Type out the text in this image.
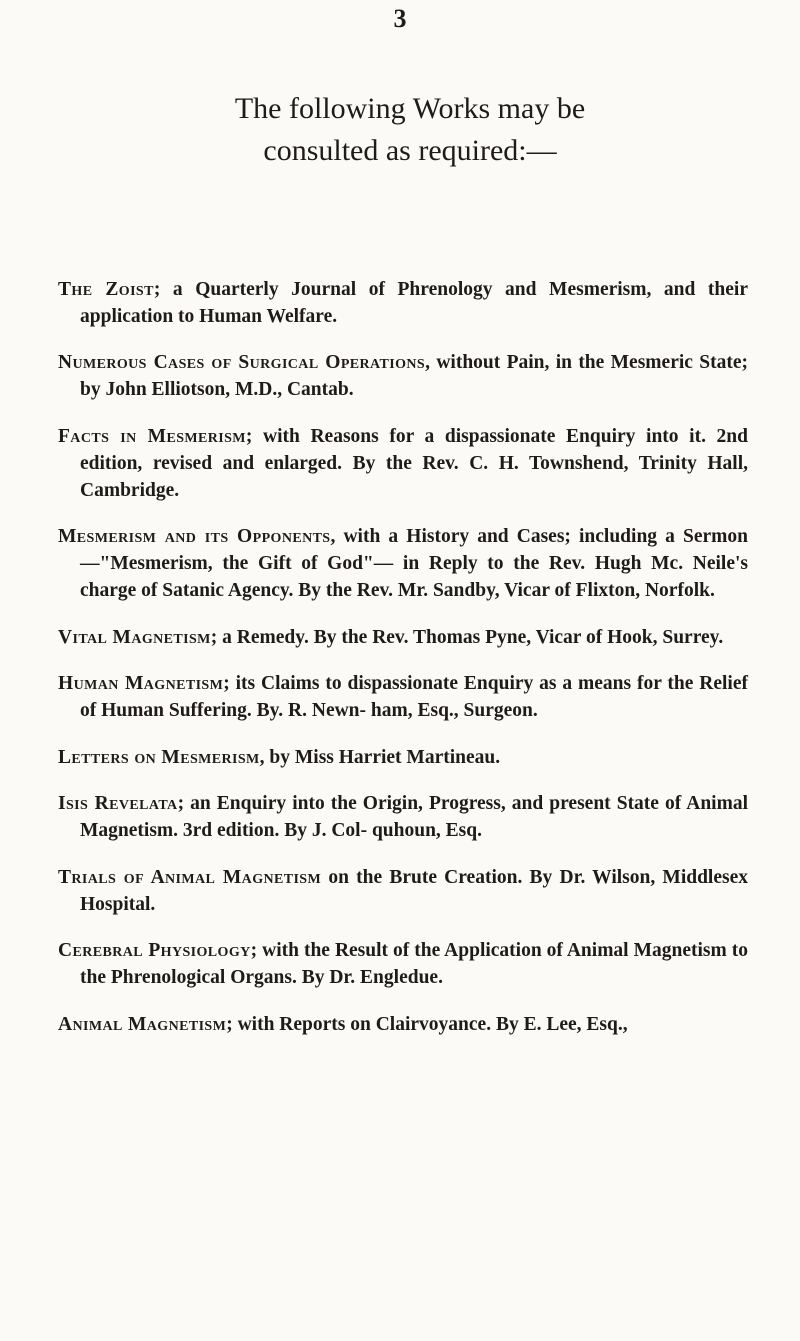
3
The following Works may be consulted as required:—

The Zoist; a Quarterly Journal of Phrenology and Mesmerism, and their application to Human Welfare.

Numerous Cases of Surgical Operations, without Pain, in the Mesmeric State; by John Elliotson, M.D., Cantab.

Facts in Mesmerism; with Reasons for a dispassionate Enquiry into it. 2nd edition, revised and enlarged. By the Rev. C. H. Townshend, Trinity Hall, Cambridge.

Mesmerism and its Opponents, with a History and Cases; including a Sermon—"Mesmerism, the Gift of God"— in Reply to the Rev. Hugh Mc. Neile's charge of Satanic Agency. By the Rev. Mr. Sandby, Vicar of Flixton, Norfolk.

Vital Magnetism; a Remedy. By the Rev. Thomas Pyne, Vicar of Hook, Surrey.

Human Magnetism; its Claims to dispassionate Enquiry as a means for the Relief of Human Suffering. By. R. Newn- ham, Esq., Surgeon.

Letters on Mesmerism, by Miss Harriet Martineau.

Isis Revelata; an Enquiry into the Origin, Progress, and present State of Animal Magnetism. 3rd edition. By J. Col- quhoun, Esq.

Trials of Animal Magnetism on the Brute Creation. By Dr. Wilson, Middlesex Hospital.

Cerebral Physiology; with the Result of the Application of Animal Magnetism to the Phrenological Organs. By Dr. Engledue.

Animal Magnetism; with Reports on Clairvoyance. By E. Lee, Esq.,
